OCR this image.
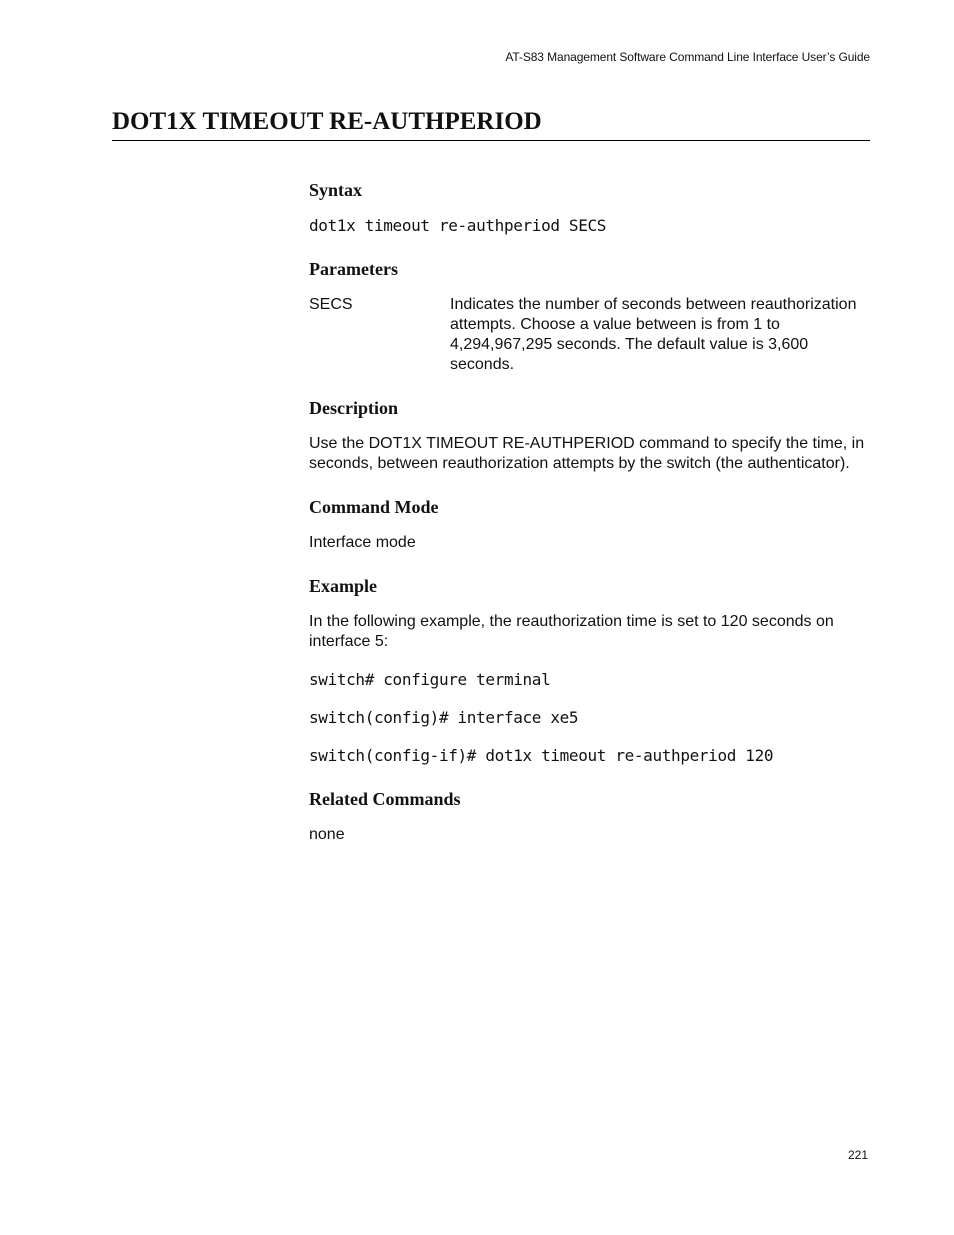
AT-S83 Management Software Command Line Interface User’s Guide
DOT1X TIMEOUT RE-AUTHPERIOD
Syntax

dot1x timeout re-authperiod SECS

Parameters
SECS	Indicates the number of seconds between reauthorization attempts. Choose a value between is from 1 to 4,294,967,295 seconds. The default value is 3,600 seconds.
Description

Use the DOT1X TIMEOUT RE-AUTHPERIOD command to specify the time, in seconds, between reauthorization attempts by the switch (the authenticator).

Command Mode

Interface mode

Example

In the following example, the reauthorization time is set to 120 seconds on interface 5:

switch# configure terminal

switch(config)# interface xe5

switch(config-if)# dot1x timeout re-authperiod 120

Related Commands

none

221
